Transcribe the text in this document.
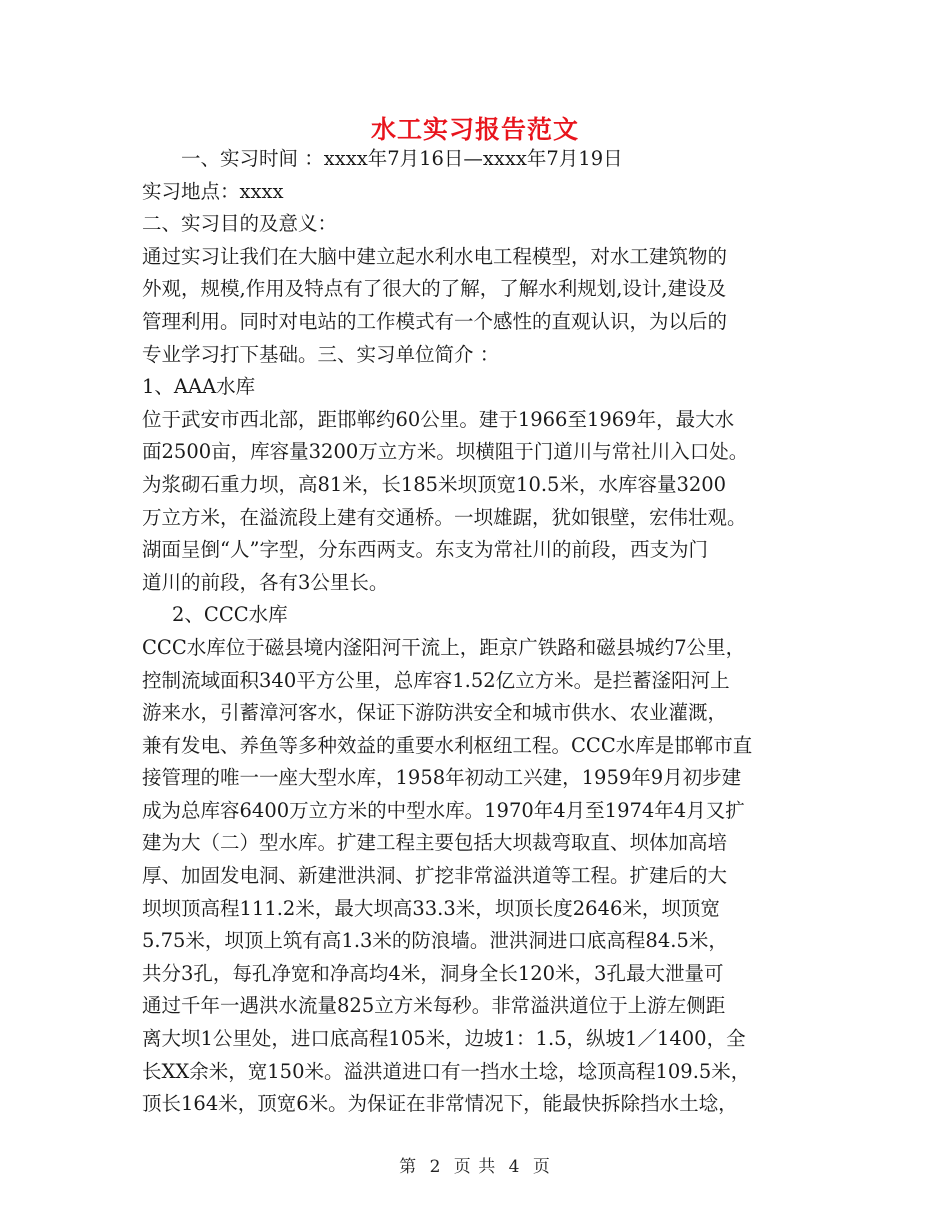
水工实习报告范文
一、实习时间 ：xxxx年7月16日—xxxx年7月19日
实习地点：xxxx
二、实习目的及意义：
通过实习让我们在大脑中建立起水利水电工程模型，对水工建筑物的
外观，规模,作用及特点有了很大的了解，了解水利规划,设计,建设及
管理利用。同时对电站的工作模式有一个感性的直观认识，为以后的
专业学习打下基础。三、实习单位简介 ：
1、AAA水库
位于武安市西北部，距邯郸约60公里。建于1966至1969年，最大水
面2500亩，库容量3200万立方米。坝横阻于门道川与常社川入口处。
为浆砌石重力坝，高81米，长185米坝顶宽10.5米，水库容量3200
万立方米，在溢流段上建有交通桥。一坝雄踞，犹如银壁，宏伟壮观。
湖面呈倒“人”字型，分东西两支。东支为常社川的前段，西支为门
道川的前段，各有3公里长。
2、CCC水库
CCC水库位于磁县境内滏阳河干流上，距京广铁路和磁县城约7公里，
控制流域面积340平方公里，总库容1.52亿立方米。是拦蓄滏阳河上
游来水，引蓄漳河客水，保证下游防洪安全和城市供水、农业灌溉，
兼有发电、养鱼等多种效益的重要水利枢纽工程。CCC水库是邯郸市直
接管理的唯一一座大型水库，1958年初动工兴建，1959年9月初步建
成为总库容6400万立方米的中型水库。1970年4月至1974年4月又扩
建为大（二）型水库。扩建工程主要包括大坝裁弯取直、坝体加高培
厚、加固发电洞、新建泄洪洞、扩挖非常溢洪道等工程。扩建后的大
坝坝顶高程111.2米，最大坝高33.3米，坝顶长度2646米，坝顶宽
5.75米，坝顶上筑有高1.3米的防浪墙。泄洪洞进口底高程84.5米，
共分3孔，每孔净宽和净高均4米，洞身全长120米，3孔最大泄量可
通过千年一遇洪水流量825立方米每秒。非常溢洪道位于上游左侧距
离大坝1公里处，进口底高程105米，边坡1：1.5，纵坡1／1400，全
长XX余米，宽150米。溢洪道进口有一挡水土埝，埝顶高程109.5米，
顶长164米，顶宽6米。为保证在非常情况下，能最快拆除挡水土埝，
第 2 页 共 4 页
